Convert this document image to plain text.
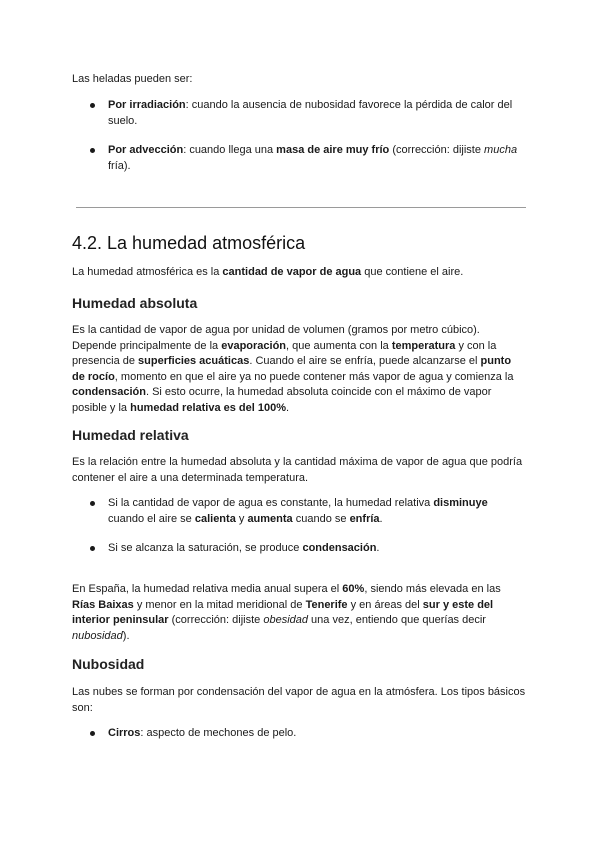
Las heladas pueden ser:

Por irradiación: cuando la ausencia de nubosidad favorece la pérdida de calor del suelo.
Por advección: cuando llega una masa de aire muy frío (corrección: dijiste mucha fría).
4.2. La humedad atmosférica

La humedad atmosférica es la cantidad de vapor de agua que contiene el aire.

Humedad absoluta

Es la cantidad de vapor de agua por unidad de volumen (gramos por metro cúbico). Depende principalmente de la evaporación, que aumenta con la temperatura y con la presencia de superficies acuáticas. Cuando el aire se enfría, puede alcanzarse el punto de rocío, momento en que el aire ya no puede contener más vapor de agua y comienza la condensación. Si esto ocurre, la humedad absoluta coincide con el máximo de vapor posible y la humedad relativa es del 100%.

Humedad relativa

Es la relación entre la humedad absoluta y la cantidad máxima de vapor de agua que podría contener el aire a una determinada temperatura.

Si la cantidad de vapor de agua es constante, la humedad relativa disminuye cuando el aire se calienta y aumenta cuando se enfría.
Si se alcanza la saturación, se produce condensación.

En España, la humedad relativa media anual supera el 60%, siendo más elevada en las Rías Baixas y menor en la mitad meridional de Tenerife y en áreas del sur y este del interior peninsular (corrección: dijiste obesidad una vez, entiendo que querías decir nubosidad).

Nubosidad

Las nubes se forman por condensación del vapor de agua en la atmósfera. Los tipos básicos son:

Cirros: aspecto de mechones de pelo.
